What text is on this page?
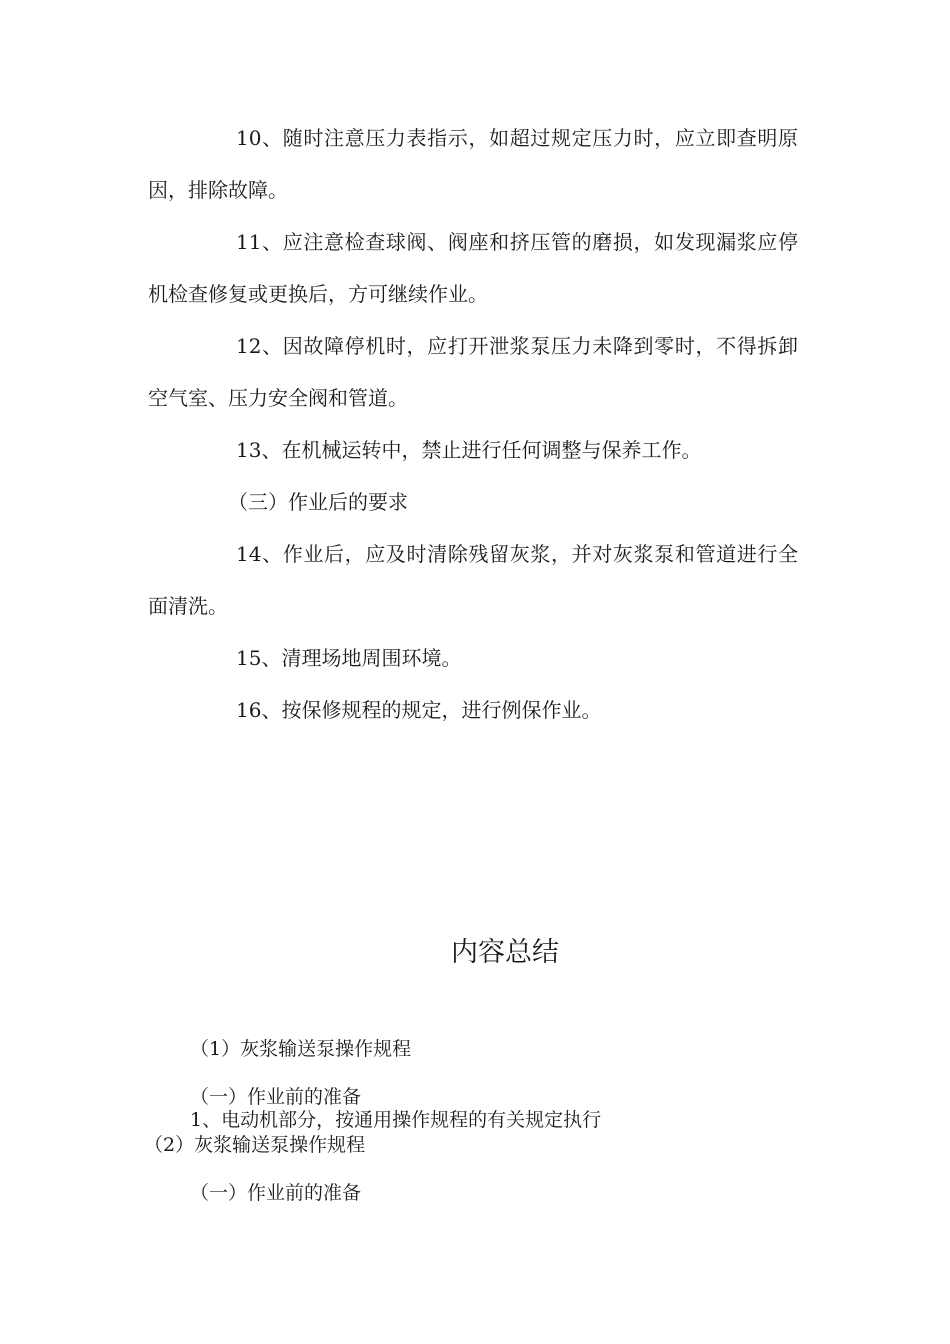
10、随时注意压力表指示，如超过规定压力时，应立即查明原因，排除故障。

11、应注意检查球阀、阀座和挤压管的磨损，如发现漏浆应停机检查修复或更换后，方可继续作业。

12、因故障停机时，应打开泄浆泵压力未降到零时，不得拆卸空气室、压力安全阀和管道。

13、在机械运转中，禁止进行任何调整与保养工作。

（三）作业后的要求

14、作业后，应及时清除残留灰浆，并对灰浆泵和管道进行全面清洗。

15、清理场地周围环境。

16、按保修规程的规定，进行例保作业。

内容总结
（1）灰浆输送泵操作规程
（一）作业前的准备
1、电动机部分，按通用操作规程的有关规定执行
（2）灰浆输送泵操作规程
（一）作业前的准备
